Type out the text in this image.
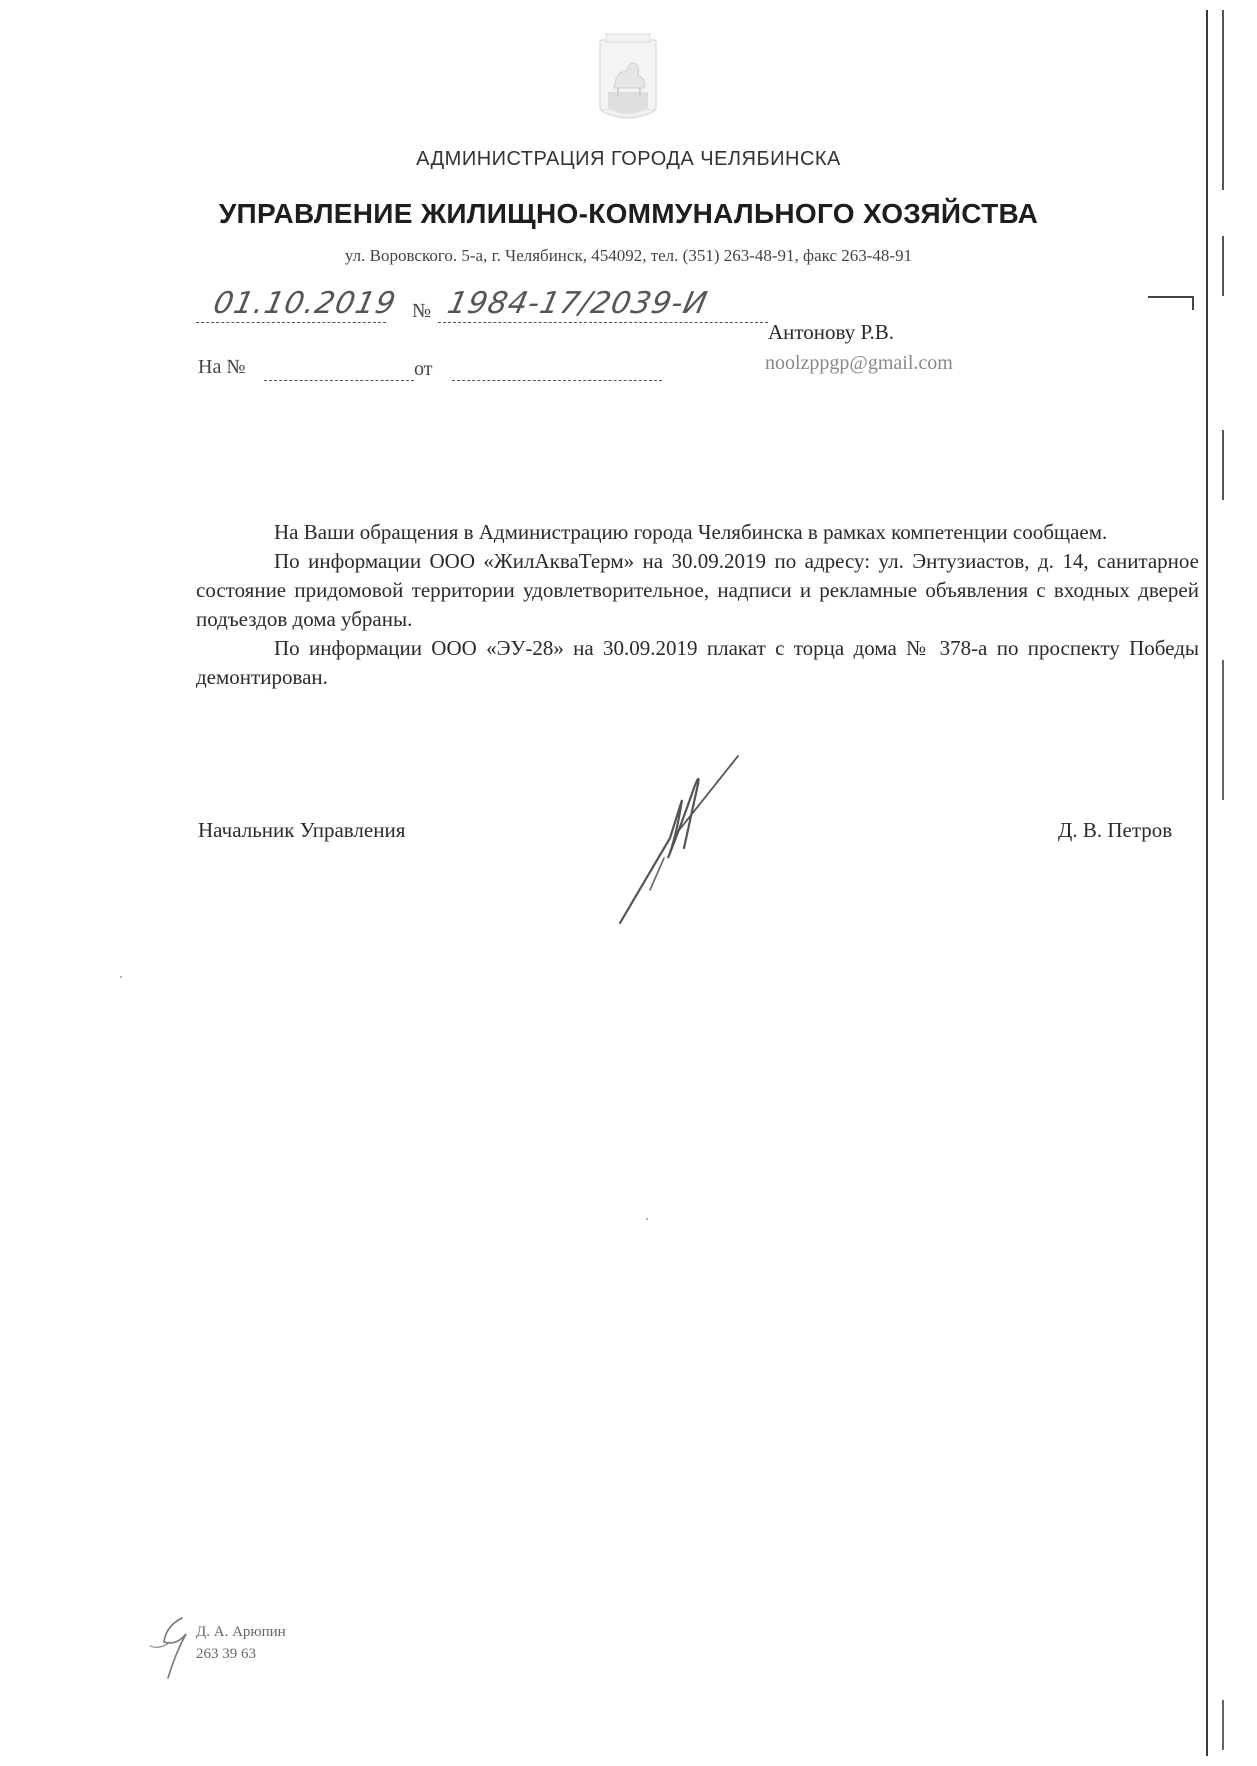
АДМИНИСТРАЦИЯ ГОРОДА ЧЕЛЯБИНСКА
УПРАВЛЕНИЕ ЖИЛИЩНО-КОММУНАЛЬНОГО ХОЗЯЙСТВА
ул. Воровского. 5-а, г. Челябинск, 454092, тел. (351) 263-48-91, факс 263-48-91
01.10.2019 № 1984-17/2039-И
На №	от
Антонову Р.В.
noolzppgp@gmail.com

На Ваши обращения в Администрацию города Челябинска в рамках компетенции сообщаем.

По информации ООО «ЖилАкваТерм» на 30.09.2019 по адресу: ул. Энтузиастов, д. 14, санитарное состояние придомовой территории удовлетворительное, надписи и рекламные объявления с входных дверей подъездов дома убраны.

По информации ООО «ЭУ-28» на 30.09.2019 плакат с торца дома № 378-а по проспекту Победы демонтирован.

Начальник Управления	Д. В. Петров
Д. А. Арюпин
263 39 63
